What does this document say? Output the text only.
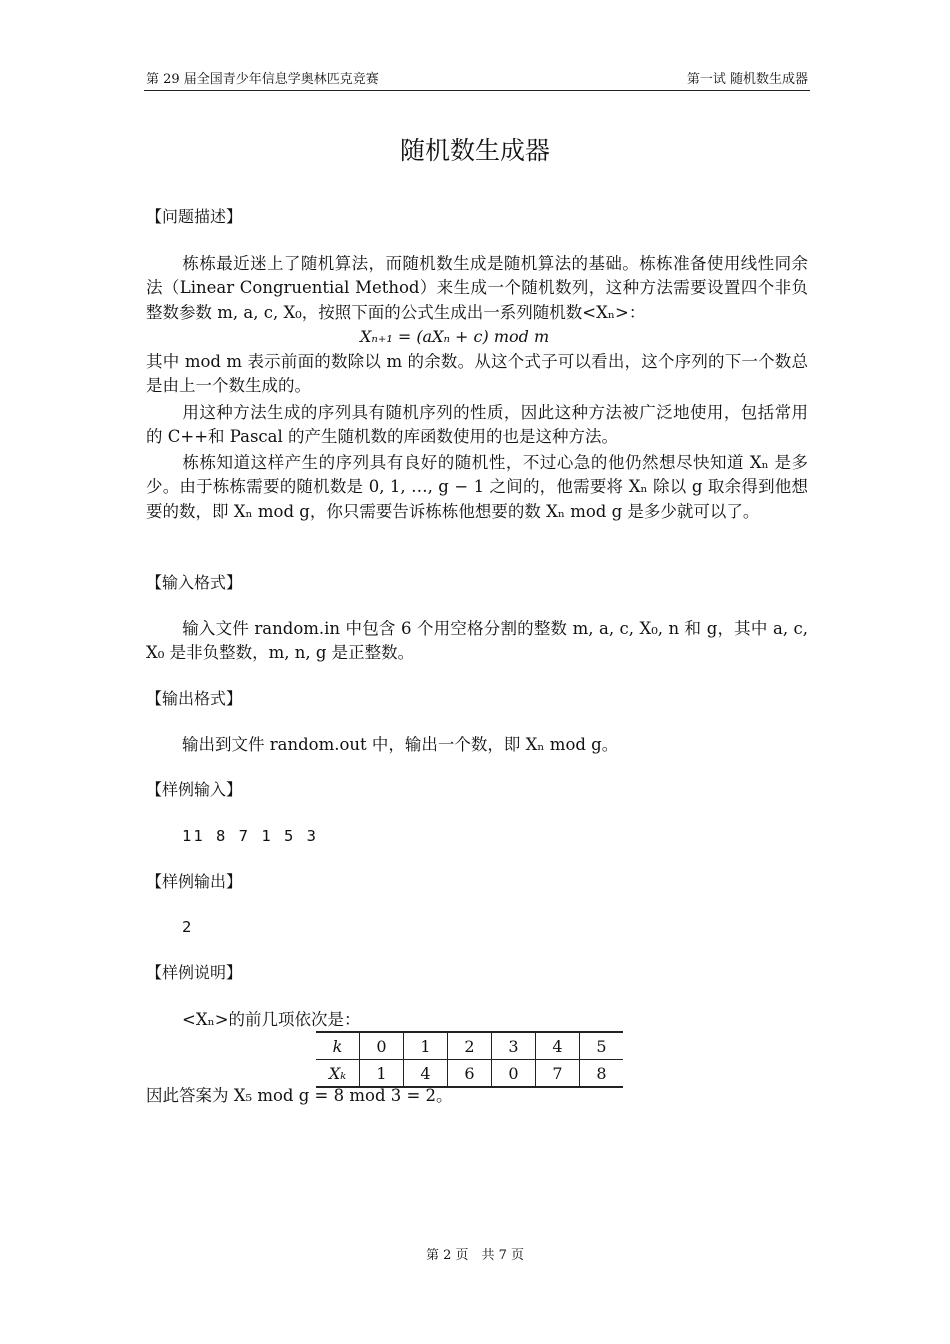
第 29 届全国青少年信息学奥林匹克竞赛	第一试 随机数生成器
随机数生成器
【问题描述】
栋栋最近迷上了随机算法，而随机数生成是随机算法的基础。栋栋准备使用线性同余法（Linear Congruential Method）来生成一个随机数列，这种方法需要设置四个非负整数参数 m, a, c, X₀，按照下面的公式生成出一系列随机数<Xₙ>：
Xₙ₊₁ = (aXₙ + c) mod m
其中 mod m 表示前面的数除以 m 的余数。从这个式子可以看出，这个序列的下一个数总是由上一个数生成的。
用这种方法生成的序列具有随机序列的性质，因此这种方法被广泛地使用，包括常用的 C++和 Pascal 的产生随机数的库函数使用的也是这种方法。
栋栋知道这样产生的序列具有良好的随机性，不过心急的他仍然想尽快知道 Xₙ 是多少。由于栋栋需要的随机数是 0, 1, …, g − 1 之间的，他需要将 Xₙ 除以 g 取余得到他想要的数，即 Xₙ mod g，你只需要告诉栋栋他想要的数 Xₙ mod g 是多少就可以了。
【输入格式】
输入文件 random.in 中包含 6 个用空格分割的整数 m, a, c, X₀, n 和 g，其中 a, c, X₀ 是非负整数，m, n, g 是正整数。
【输出格式】
输出到文件 random.out 中，输出一个数，即 Xₙ mod g。
【样例输入】
11 8 7 1 5 3
【样例输出】
2
【样例说明】
<Xₙ>的前几项依次是：
k	0	1	2	3	4	5
Xₖ	1	4	6	0	7	8
因此答案为 X₅ mod g = 8 mod 3 = 2。
第 2 页　共 7 页
